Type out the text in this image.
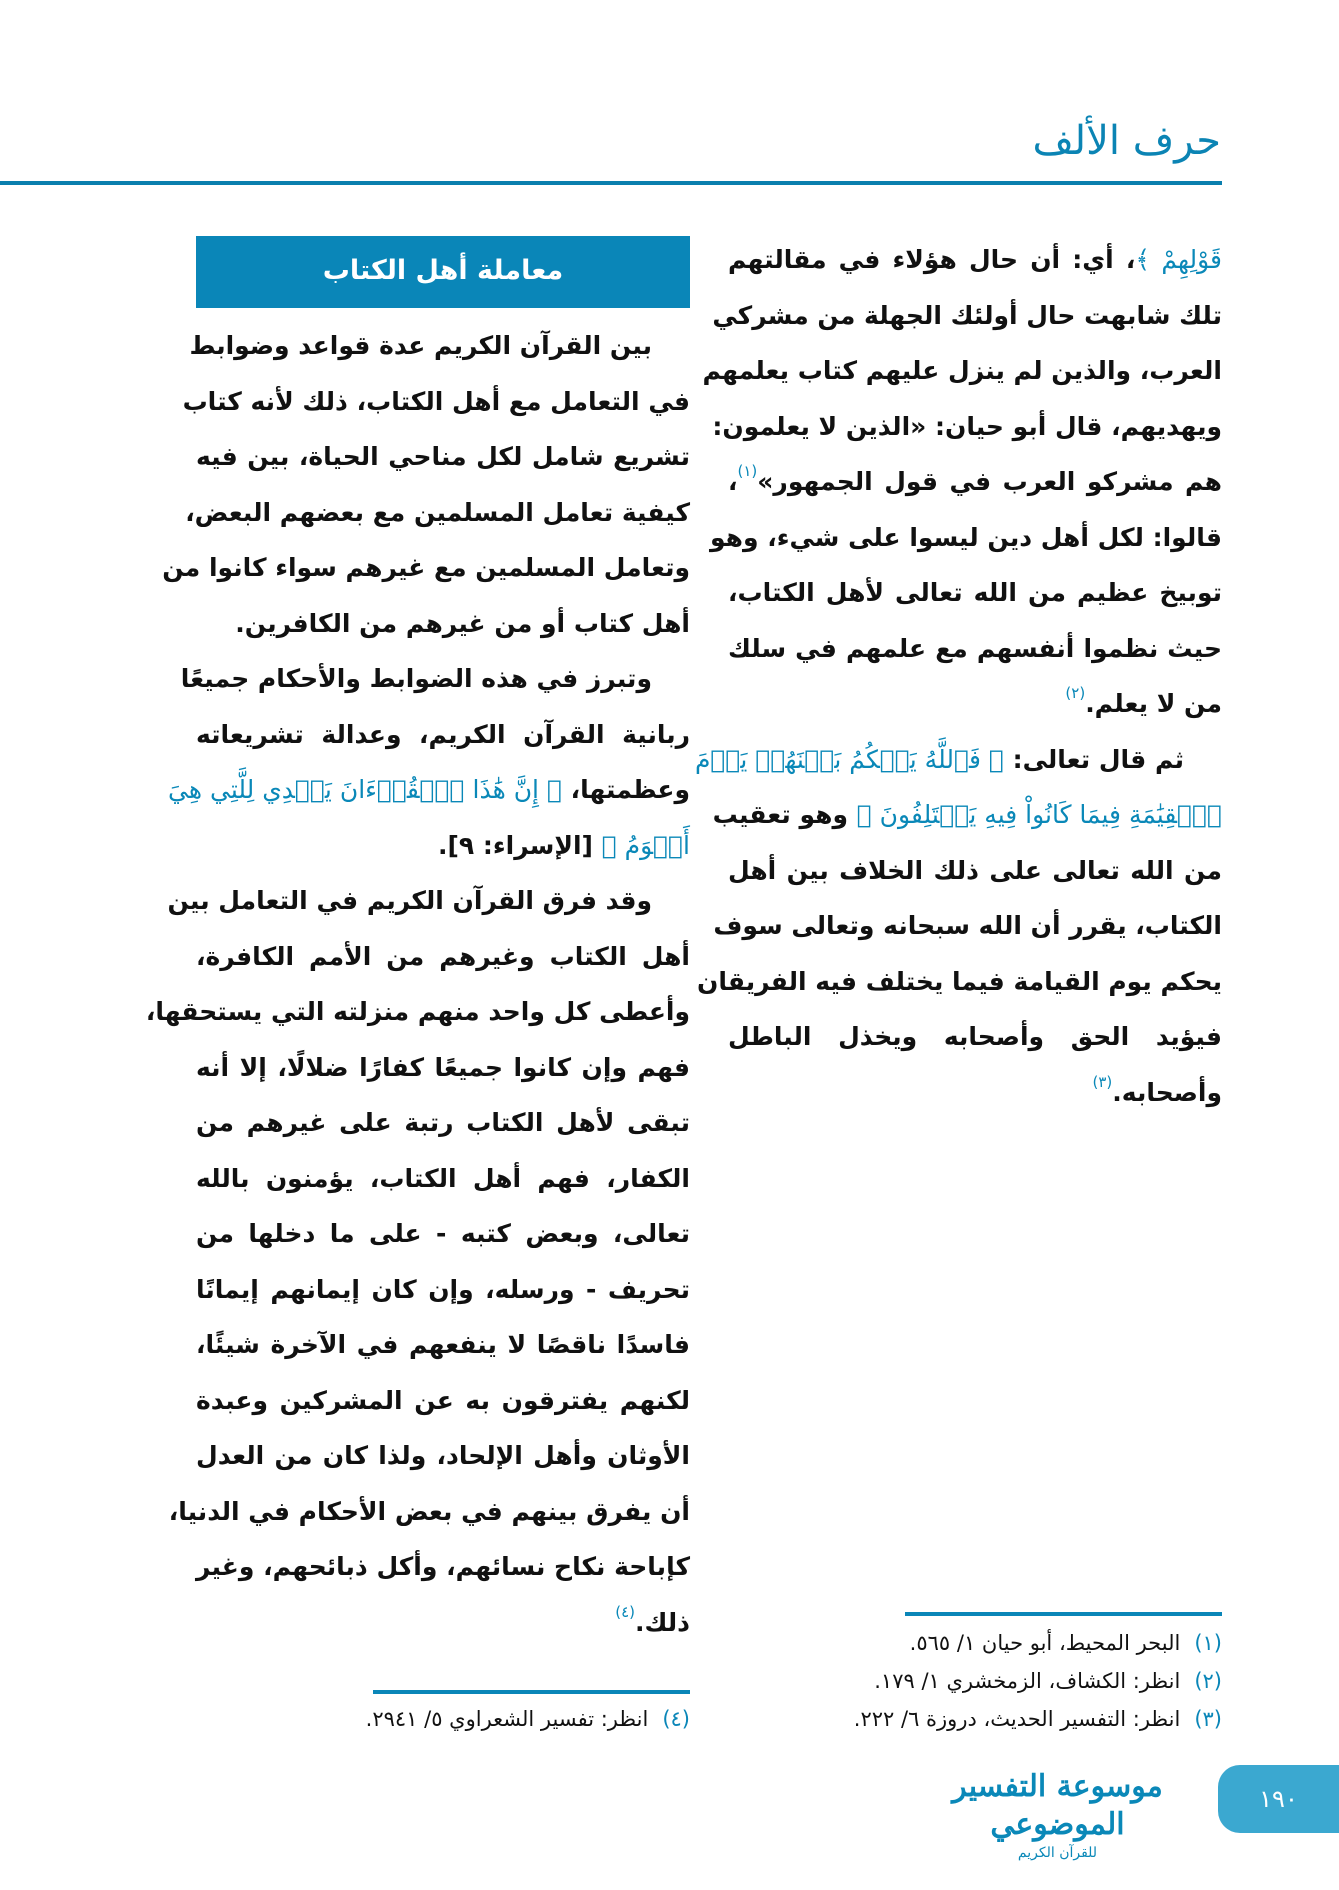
حرف الألف
قَوْلِهِمْ ﴾، أي: أن حال هؤلاء في مقالتهم
تلك شابهت حال أولئك الجهلة من مشركي
العرب، والذين لم ينزل عليهم كتاب يعلمهم
ويهديهم، قال أبو حيان: «الذين لا يعلمون:
هم مشركو العرب في قول الجمهور»$^{(١)}$،
قالوا: لكل أهل دين ليسوا على شيء، وهو
توبيخ عظيم من الله تعالى لأهل الكتاب،
حيث نظموا أنفسهم مع علمهم في سلك
من لا يعلم.$^{(٢)}$
ثم قال تعالى: ﴿ فَٱللَّهُ يَحۡكُمُ بَيۡنَهُمۡ يَوۡمَ
ٱلۡقِيَٰمَةِ فِيمَا كَانُواْ فِيهِ يَخۡتَلِفُونَ ﴾ وهو تعقيب
من الله تعالى على ذلك الخلاف بين أهل
الكتاب، يقرر أن الله سبحانه وتعالى سوف
يحكم يوم القيامة فيما يختلف فيه الفريقان
فيؤيد الحق وأصحابه ويخذل الباطل
وأصحابه.$^{(٣)}$
معاملة أهل الكتاب
بين القرآن الكريم عدة قواعد وضوابط
في التعامل مع أهل الكتاب، ذلك لأنه كتاب
تشريع شامل لكل مناحي الحياة، بين فيه
كيفية تعامل المسلمين مع بعضهم البعض،
وتعامل المسلمين مع غيرهم سواء كانوا من
أهل كتاب أو من غيرهم من الكافرين.
وتبرز في هذه الضوابط والأحكام جميعًا
ربانية القرآن الكريم، وعدالة تشريعاته
وعظمتها، ﴿ إِنَّ هَٰذَا ٱلۡقُرۡءَانَ يَهۡدِي لِلَّتِي هِيَ
أَقۡوَمُ ﴾ [الإسراء: ٩].
وقد فرق القرآن الكريم في التعامل بين
أهل الكتاب وغيرهم من الأمم الكافرة،
وأعطى كل واحد منهم منزلته التي يستحقها،
فهم وإن كانوا جميعًا كفارًا ضلالًا، إلا أنه
تبقى لأهل الكتاب رتبة على غيرهم من
الكفار، فهم أهل الكتاب، يؤمنون بالله
تعالى، وبعض كتبه - على ما دخلها من
تحريف - ورسله، وإن كان إيمانهم إيمانًا
فاسدًا ناقصًا لا ينفعهم في الآخرة شيئًا،
لكنهم يفترقون به عن المشركين وعبدة
الأوثان وأهل الإلحاد، ولذا كان من العدل
أن يفرق بينهم في بعض الأحكام في الدنيا،
كإباحة نكاح نسائهم، وأكل ذبائحهم، وغير
ذلك.$^{(٤)}$
(١)البحر المحيط، أبو حيان ١/ ٥٦٥.
(٢)انظر: الكشاف، الزمخشري ١/ ١٧٩.
(٣)انظر: التفسير الحديث، دروزة ٦/ ٢٢٢.
(٤)انظر: تفسير الشعراوي ٥/ ٢٩٤١.
موسوعة التفسير الموضوعي
للقرآن الكريم
١٩٠
